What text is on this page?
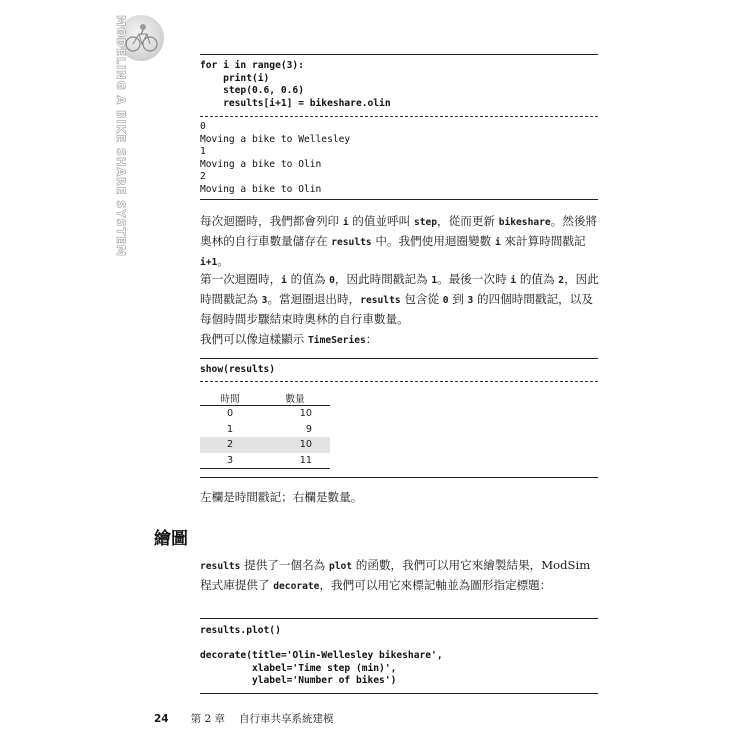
MODELING A BIKE SHARE SYSTEM	for i in range(3):
print(i)
step(0.6, 0.6)
results[i+1] = bikeshare.olin
0
Moving a bike to Wellesley
1
Moving a bike to Olin
2
Moving a bike to Olin
每次迴圈時，我們都會列印 i 的值並呼叫 step，從而更新 bikeshare。然後將奧林的自行車數量儲存在 results 中。我們使用迴圈變數 i 來計算時間戳記 i+1。
第一次迴圈時，i 的值為 0，因此時間戳記為 1。最後一次時 i 的值為 2，因此時間戳記為 3。當迴圈退出時，results 包含從 0 到 3 的四個時間戳記，以及每個時間步驟結束時奧林的自行車數量。
我們可以像這樣顯示 TimeSeries：
show(results)
時間	數量
0	10
1	9
2	10
3	11
左欄是時間戳記；右欄是數量。
繪圖
results 提供了一個名為 plot 的函數，我們可以用它來繪製結果，ModSim 程式庫提供了 decorate，我們可以用它來標記軸並為圖形指定標題：
results.plot()

decorate(title='Olin-Wellesley bikeshare',
xlabel='Time step (min)',
ylabel='Number of bikes')
24 第 2 章 自行車共享系統建模
